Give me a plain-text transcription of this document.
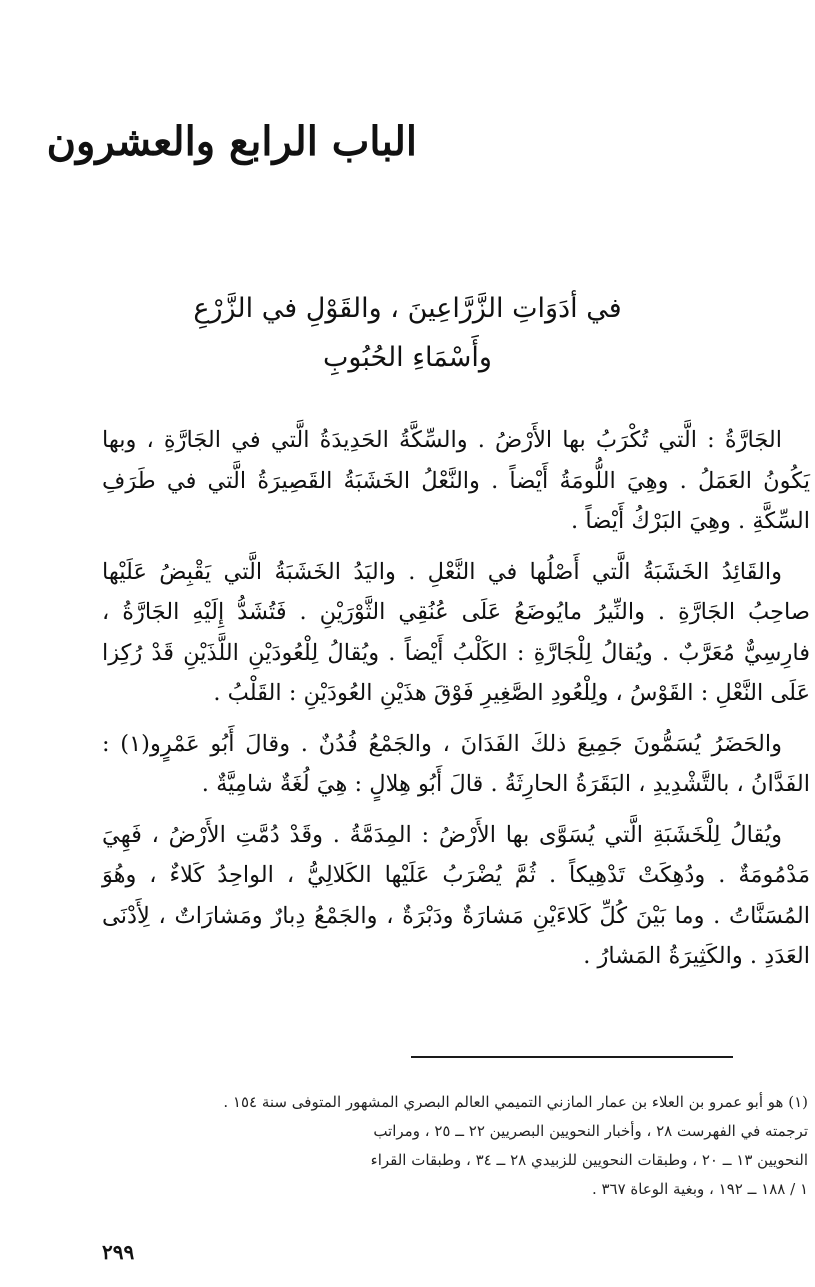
الباب الرابع والعشرون
في أدَوَاتِ الزَّرَّاعِينَ ، والقَوْلِ في الزَّرْعِ
وأَسْمَاءِ الحُبُوبِ

الجَارَّةُ : الَّتي تُكْرَبُ بها الأَرْضُ . والسِّكَّةُ الحَدِيدَةُ الَّتي في الجَارَّةِ ، وبها يَكُونُ العَمَلُ . وهِيَ اللُّومَةُ أَيْضاً . والنَّعْلُ الخَشَبَةُ القَصِيرَةُ الَّتي في طَرَفِ السِّكَّةِ . وهِيَ البَرْكُ أَيْضاً .

والقَائِدُ الخَشَبَةُ الَّتي أَصْلُها في النَّعْلِ . واليَدُ الخَشَبَةُ الَّتي يَقْبِضُ عَلَيْها صاحِبُ الجَارَّةِ . والنِّيرُ مايُوضَعُ عَلَى عُنُقِي الثَّوْرَيْنِ . فَتُشَدُّ إِلَيْهِ الجَارَّةُ ، فارِسِيٌّ مُعَرَّبٌ . ويُقالُ لِلْجَارَّةِ : الكَلْبُ أَيْضاً . ويُقالُ لِلْعُودَيْنِ اللَّذَيْنِ قَدْ رُكِزا عَلَى النَّعْلِ : القَوْسُ ، ولِلْعُودِ الصَّغِيرِ فَوْقَ هذَيْنِ العُودَيْنِ : القَلْبُ .

والحَضَرُ يُسَمُّونَ جَمِيعَ ذلكَ الفَدَانَ ، والجَمْعُ فُدُنٌ . وقالَ أَبُو عَمْرٍو(١) : الفَدَّانُ ، بالتَّشْدِيدِ ، البَقَرَةُ الحارِثَةُ . قالَ أَبُو هِلالٍ : هِيَ لُغَةٌ شامِيَّةٌ .

ويُقالُ لِلْخَشَبَةِ الَّتي يُسَوَّى بها الأَرْضُ : المِدَمَّةُ . وقَدْ دُمَّتِ الأَرْضُ ، فَهِيَ مَدْمُومَةٌ . ودُهِكَتْ تَدْهِيكاً . ثُمَّ يُضْرَبُ عَلَيْها الكَلالِيُّ ، الواحِدُ كَلاءٌ ، وهُوَ المُسَنَّاتُ . وما بَيْنَ كُلِّ كَلاءَيْنِ مَشارَةٌ ودَبْرَةٌ ، والجَمْعُ دِبارٌ ومَشارَاتٌ ، لِأَدْنَى العَدَدِ . والكَثِيرَةُ المَشارُ .

(١) هو أبو عمرو بن العلاء بن عمار المازني التميمي العالم البصري المشهور المتوفى سنة ١٥٤ .

ترجمته في الفهرست ٢٨ ، وأخبار النحويين البصريين ٢٢ ــ ٢٥ ، ومراتب

النحويين ١٣ ــ ٢٠ ، وطبقات النحويين للزبيدي ٢٨ ــ ٣٤ ، وطبقات القراء

١ / ١٨٨ ــ ١٩٢ ، وبغية الوعاة ٣٦٧ .

٢٩٩
